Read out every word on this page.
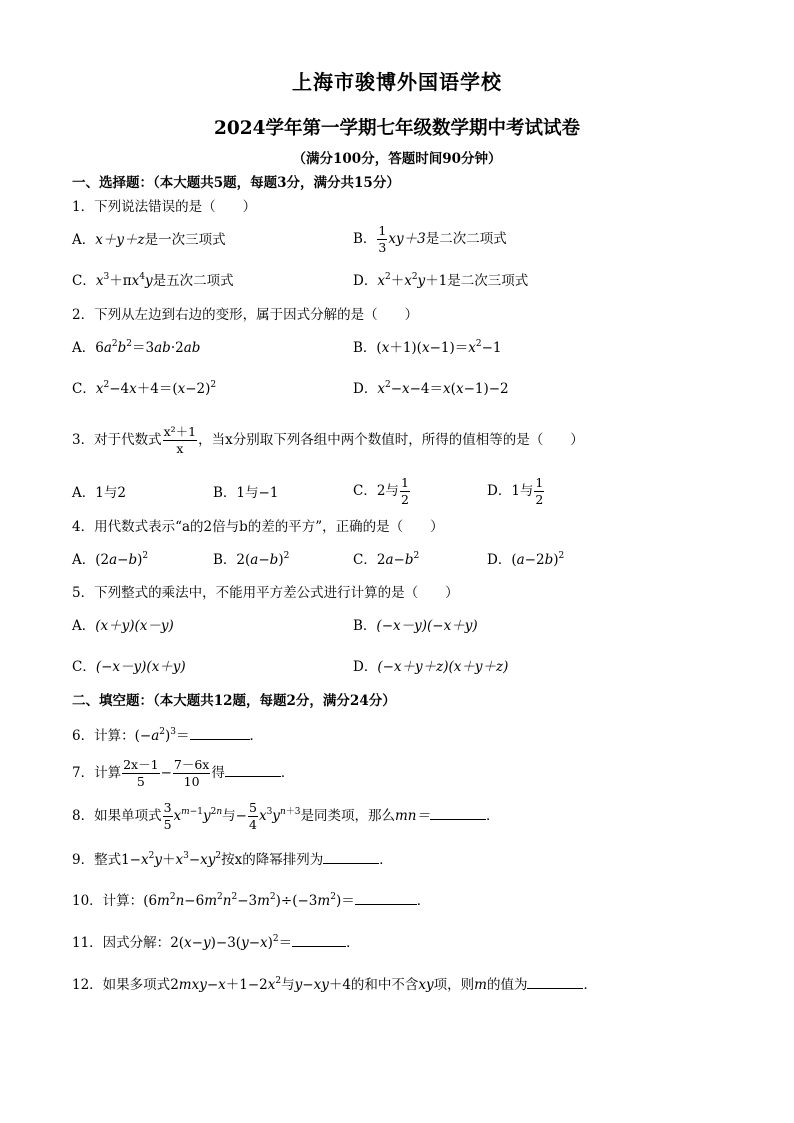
上海市骏博外国语学校
2024学年第一学期七年级数学期中考试试卷
（满分100分，答题时间90分钟）
一、选择题：（本大题共5题，每题3分，满分共15分）
1．下列说法错误的是（　　）
A．x＋y＋z是一次三项式	B． $\frac{1}{3} xy+3$是二次二项式
C．$x^3+\pi x^4y$是五次二项式	D．$x^2+x^2y+1$是二次三项式
2．下列从左边到右边的变形，属于因式分解的是（　　）
A．$6a^2b^2=3ab\cdot 2ab$	B．$(x+1)(x-1)=x^2-1$
C．$x^2-4x+4=(x-2)^2$	D．$x^2-x-4=x(x-1)-2$
3．对于代数式 $\frac{\text{x²＋1}}{x}$ ，当x分别取下列各组中两个数值时，所得的值相等的是（　　）
A．1与2	B．1与−1	C．2与 $\frac{1}{2}$	D．1与 $\frac{1}{2}$
4．用代数式表示“a的2倍与b的差的平方”，正确的是（　　）
A．$(2a-b)^2$	B．$2(a-b)^2$	C．$2a-b^2$	D．$(a-2b)^2$
5．下列整式的乘法中，不能用平方差公式进行计算的是（　　）
A．(x＋y)(x－y)	B．(−x－y)(−x＋y)
C．(−x－y)(x＋y)	D．(−x＋y＋z)(x＋y＋z)
二、填空题：（本大题共12题，每题2分，满分24分）
6．计算：$(-a^2)^3=$	．
7．计算 $\frac{2x-1}{5} - \frac{7-6x}{10}$ 得	．
8．如果单项式 $\frac{3}{5} x^{m-1}y^{2n}$与− $\frac{5}{4} x^3y^{n+3}$是同类项，那么mn＝	．
9．整式$1-x^2y+x^3-xy^2$按x的降幂排列为	．
10．计算：$(6m^2n-6m^2n^2-3m^2)\div(-3m^2)=$	．
11．因式分解：$2(x-y)-3(y-x)^2=$	．
12．如果多项式$2mxy-x+1-2x^2$与y−xy＋4的和中不含xy项，则m的值为	．
